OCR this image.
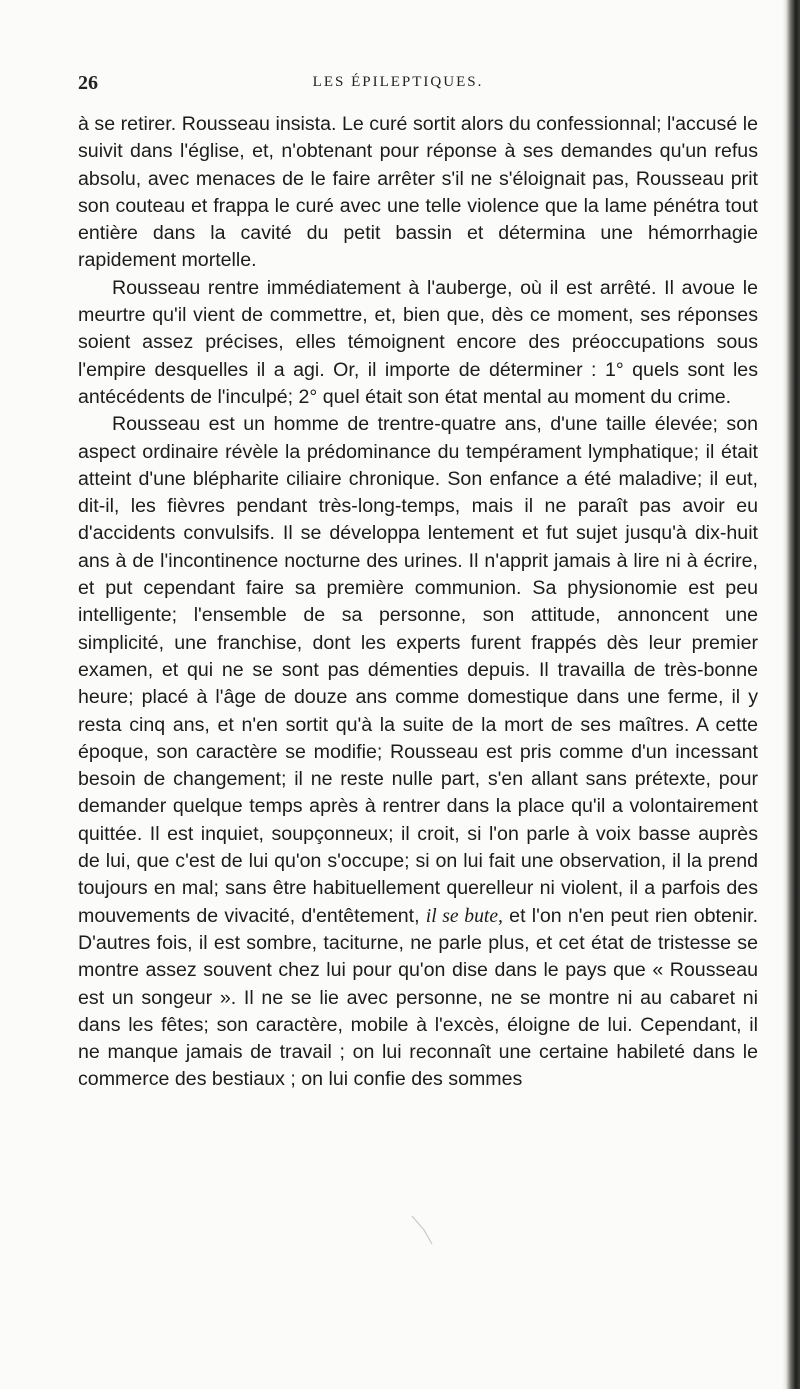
26	LES ÉPILEPTIQUES.

à se retirer. Rousseau insista. Le curé sortit alors du confessionnal; l'accusé le suivit dans l'église, et, n'obtenant pour réponse à ses demandes qu'un refus absolu, avec menaces de le faire arrêter s'il ne s'éloignait pas, Rousseau prit son couteau et frappa le curé avec une telle violence que la lame pénétra tout entière dans la cavité du petit bassin et détermina une hémorrhagie rapidement mortelle.

Rousseau rentre immédiatement à l'auberge, où il est arrêté. Il avoue le meurtre qu'il vient de commettre, et, bien que, dès ce moment, ses réponses soient assez précises, elles témoignent encore des préoccupations sous l'empire desquelles il a agi. Or, il importe de déterminer : 1° quels sont les antécédents de l'inculpé; 2° quel était son état mental au moment du crime.

Rousseau est un homme de trentre-quatre ans, d'une taille élevée; son aspect ordinaire révèle la prédominance du tempérament lymphatique; il était atteint d'une blépharite ciliaire chronique. Son enfance a été maladive; il eut, dit-il, les fièvres pendant très-long-temps, mais il ne paraît pas avoir eu d'accidents convulsifs. Il se développa lentement et fut sujet jusqu'à dix-huit ans à de l'incontinence nocturne des urines. Il n'apprit jamais à lire ni à écrire, et put cependant faire sa première communion. Sa physionomie est peu intelligente; l'ensemble de sa personne, son attitude, annoncent une simplicité, une franchise, dont les experts furent frappés dès leur premier examen, et qui ne se sont pas démenties depuis. Il travailla de très-bonne heure; placé à l'âge de douze ans comme domestique dans une ferme, il y resta cinq ans, et n'en sortit qu'à la suite de la mort de ses maîtres. A cette époque, son caractère se modifie; Rousseau est pris comme d'un incessant besoin de changement; il ne reste nulle part, s'en allant sans prétexte, pour demander quelque temps après à rentrer dans la place qu'il a volontairement quittée. Il est inquiet, soupçonneux; il croit, si l'on parle à voix basse auprès de lui, que c'est de lui qu'on s'occupe; si on lui fait une observation, il la prend toujours en mal; sans être habituellement querelleur ni violent, il a parfois des mouvements de vivacité, d'entêtement, il se bute, et l'on n'en peut rien obtenir. D'autres fois, il est sombre, taciturne, ne parle plus, et cet état de tristesse se montre assez souvent chez lui pour qu'on dise dans le pays que « Rousseau est un songeur ». Il ne se lie avec personne, ne se montre ni au cabaret ni dans les fêtes; son caractère, mobile à l'excès, éloigne de lui. Cependant, il ne manque jamais de travail ; on lui reconnaît une certaine habileté dans le commerce des bestiaux ; on lui confie des sommes
